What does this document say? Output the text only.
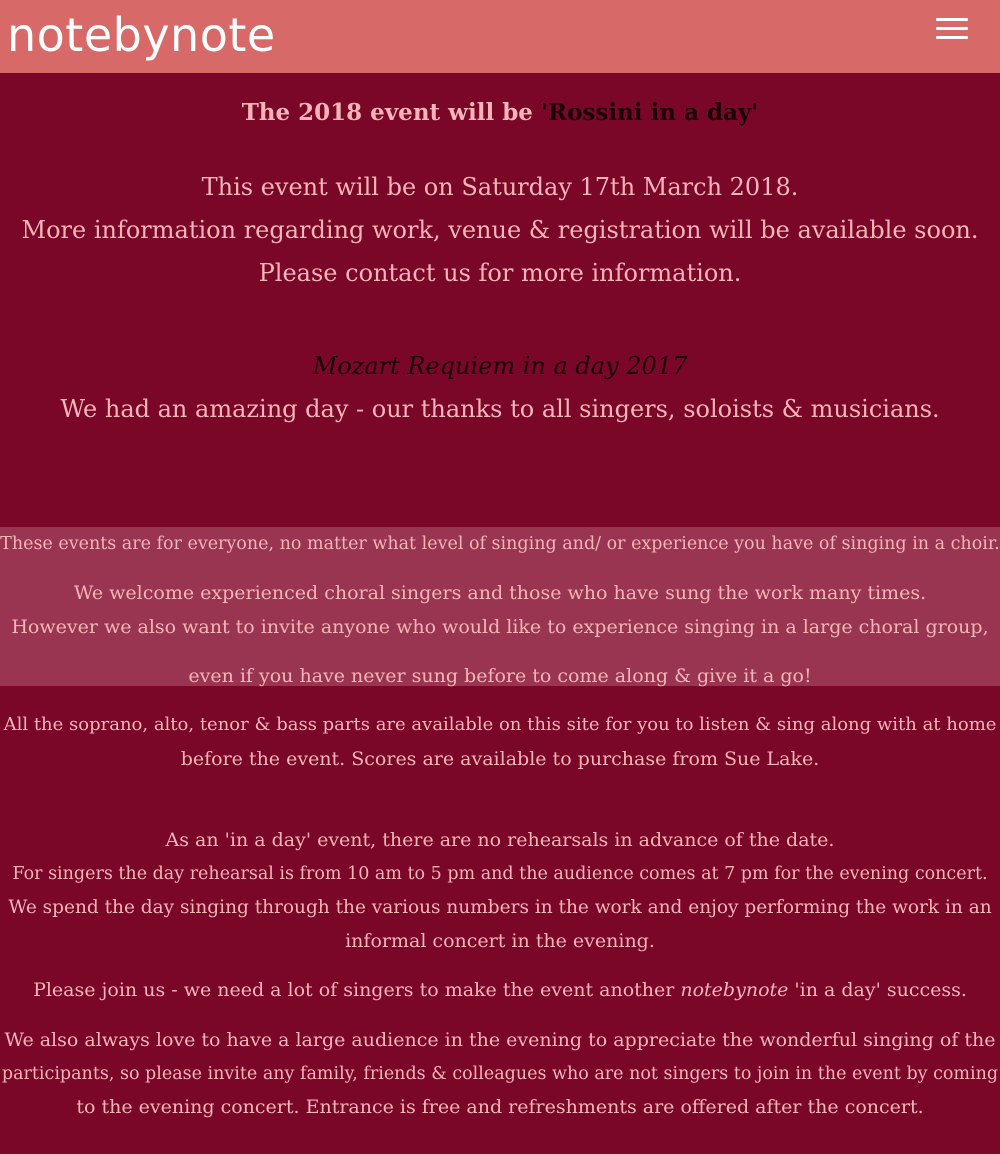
notebynote
The 2018 event will be 'Rossini in a day'
This event will be on Saturday 17th March 2018.
More information regarding work, venue & registration will be available soon.
Please contact us for more information.
Mozart Requiem in a day 2017
We had an amazing day - our thanks to all singers, soloists & musicians.
These events are for everyone, no matter what level of singing and/ or experience you have of singing in a choir.
We welcome experienced choral singers and those who have sung the work many times.
However we also want to invite anyone who would like to experience singing in a large choral group,
even if you have never sung before to come along & give it a go!
All the soprano, alto, tenor & bass parts are available on this site for you to listen & sing along with at home
before the event. Scores are available to purchase from Sue Lake.
As an 'in a day' event, there are no rehearsals in advance of the date.
For singers the day rehearsal is from 10 am to 5 pm and the audience comes at 7 pm for the evening concert.
We spend the day singing through the various numbers in the work and enjoy performing the work in an
informal concert in the evening.
Please join us - we need a lot of singers to make the event another notebynote 'in a day' success.
We also always love to have a large audience in the evening to appreciate the wonderful singing of the
participants, so please invite any family, friends & colleagues who are not singers to join in the event by coming
to the evening concert. Entrance is free and refreshments are offered after the concert.
